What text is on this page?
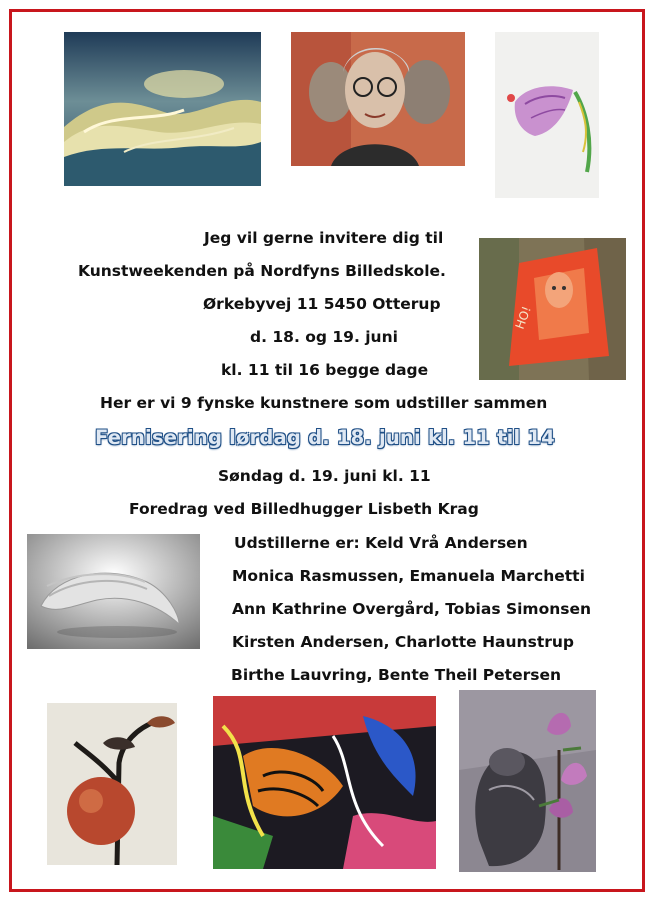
HO!
Jeg vil gerne invitere dig til
Kunstweekenden på Nordfyns Billedskole.
Ørkebyvej 11 5450 Otterup
d. 18. og 19. juni
kl. 11 til 16 begge dage
Her er vi 9 fynske kunstnere som udstiller sammen
Fernisering lørdag d. 18. juni kl. 11 til 14
Søndag d. 19. juni kl. 11
Foredrag ved Billedhugger Lisbeth Krag
Udstillerne er: Keld Vrå Andersen
Monica Rasmussen, Emanuela Marchetti
Ann Kathrine Overgård, Tobias Simonsen
Kirsten Andersen, Charlotte Haunstrup
Birthe Lauvring, Bente Theil Petersen
